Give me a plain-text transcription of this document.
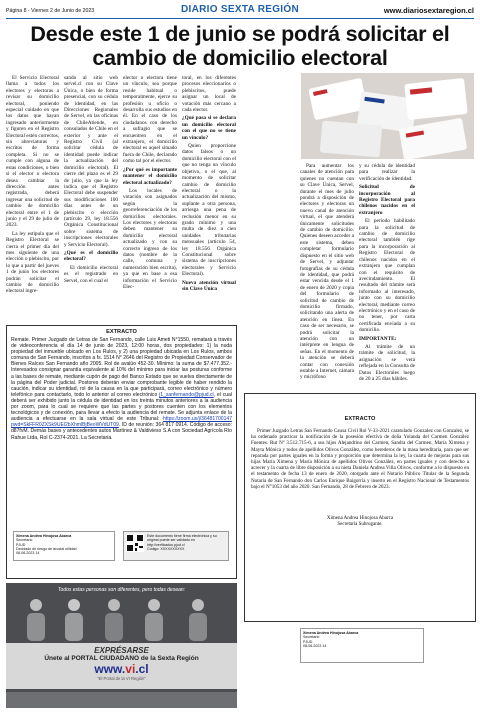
Página 8 - Viernes 2 de Junio de 2023	DIARIO SEXTA REGIÓN	www.diariosextaregion.cl
Desde este 1 de junio se podrá solicitar el cambio de domicilio electoral

El Servicio Electoral llama a todos los electores y electoras a revisar su domicilio electoral, poniendo especial cuidado en que los datos que hayan ingresado anteriormente y figuren en el Registro Electoral estén correctos, sin abreviaturas y escritos de forma completa. Si no se cumple con alguna de estas condiciones, o bien si el elector o electora desea cambiar la dirección antes registrada, deberá ingresar una solicitud de cambio de domicilio electoral entre el 1 de junio y el 29 de julio de 2023.

La ley estipula que el Registro Electoral se cierra el primer día del mes siguiente de una elección o plebiscito, por lo que a partir del jueves 1 de junio los electores podrán solicitar el cambio de domicilio electoral ingre-

sando al sitio web servel.cl con su Clave Única, o bien de forma presencial, con su cédula de identidad, en las Direcciones Regionales de Servel, en las oficinas de ChileAtiende, en consulados de Chile en el exterior y ante el Registro Civil (al solicitar cédula de identidad puede indicar la actualización del domicilio electoral). El cierre del plazo es el 29 de julio, ya que la ley indica que el Registro Electoral debe suspender sus modificaciones 100 días antes de un plebiscito o elección (artículo 29, ley 18.556 Orgánica Constitucional sobre sistema de inscripciones electorales y Servicio Electoral).

¿Qué es el domicilio electoral?

El domicilio electoral es el registrado en Servel, con el cual el

elector o electora tiene un vínculo, sea porque reside habitual o temporalmente, ejerce su profesión u oficio o desarrolla sus estudios en él. En el caso de los ciudadanos con derecho a sufragio que se encuentren en el extranjero, el domicilio electoral es aquel situado fuera de Chile, declarado como tal por el elector.

¿Por qué es importante mantener el domicilio electoral actualizado?

Los locales de votación son asignados según la georreferenciación de los domicilios electorales. Los electores y electoras deben mantener su domicilio electoral actualizado y con su correcto ingreso de los datos (nombre de la calle, comuna y numeración bien escrita), ya que en base a esa información el Servicio Elec-

toral, en los diferentes procesos eleccionarios o plebiscitos, puede asignar un local de votación más cercano a cada elector.

¿Qué pasa si se declara un domicilio electoral con el que no se tiene un vínculo?

Quien proporcione datos falsos o un domicilio electoral con el que no tenga un vínculo objetivo, o el que, al momento de solicitar cambio de domicilio electoral o la actualización del mismo, suplante a otra persona, arriesga una pena de reclusión menor en su grado mínimo y una multa de diez a cien unidades tributarias mensuales (artículo 54, ley 18.556 Orgánica Constitucional sobre sistema de inscripciones electorales y Servicio Electoral).

Nueva atención virtual sin Clave Única

Para aumentar los canales de atención para quienes no cuentan con su Clave Única, Servel, durante el mes de julio pondrá a disposición de electores y electoras un nuevo canal de atención virtual, el que atenderá únicamente solicitudes de cambio de domicilio. Quienes deseen acceder a este sistema, deben completar formulario dispuesto en el sitio web de Servel, y adjuntar fotografías de su cédula de identidad, que podrá estar vencida desde el 1 de enero de 2020 y copia del formulario de solicitud de cambio de domicilio firmado, solicitando una alerta de atención en línea. En caso de ser necesario, se podrá solicitar la atención con un intérprete en lengua de señas. En el momento de la atención se deberá contar con conexión estable a Internet, cámara y micrófono

y su cédula de identidad para realizar la verificación de identidad.

Solicitud de incorporación al Registro Electoral para chilenos nacidos en el extranjero

El período habilitado para la solicitud de cambio de domicilio electoral también rige para la incorporación al Registro Electoral de chilenos nacidos en el extranjero que cumplan con el requisito de avecindamiento. El resultado del trámite será informado al interesado, junto con su domicilio electoral, mediante correo electrónico y en el caso de no tener, por carta certificada enviada a su domicilio.

IMPORTANTE:

Al trámite de un trámite de solicitud, la asignación se verá reflejada en la Consulta de Datos Electorales luego de 20 a 25 días hábiles.

EXTRACTO
Remate. Primer Juzgado de Letras de San Fernando, calle Luis Ameti N°1550, rematará a través de videoconferencia el día 14 de junio de 2023, 12:00 horas, dos propiedades: 1) la nuda propiedad del inmueble ubicado en Los Rulos, y 2) una propiedad ubicada en Los Rulos, ambos comuna de San Fernando, inscritos a fs. 1514 N° 2646 del Registro de Propiedad Conservador de Bienes Raíces San Fernando año 2005. Rol de avalúo 452-30. Mínimo: la suma de $7.477.352.- Interesados consignar garantía equivalente al 10% del mínimo para iniciar las posturas conforme a las bases de remate, mediante cupón de pago del Banco Estado que se vuelva directamente de la página del Poder judicial. Postores deberán enviar comprobante legible de haber rendido la caución, indicar su identidad, rol de la causa en la que participará, correo electrónico y número telefónico para contactarlo, todo lo anterior al correo electrónico j1_sanfernando@pjud.cl, el cual deberá ser exhibido junto la cédula de identidad en los treinta minutos anteriores a la audiencia por zoom, para lo cual se requiere que las partes y postores cuenten con los elementos tecnológicos y de conexión, para llevar a efecto la audiencia del remate. Se adjunta enlace de la audiencia a efectuarse en la sala virtual de este Tribunal: https://zoom.us/j/36481700147 pwd=SkFFR0ZXSk9UEl2bXhmlBjBeoWVdUT09. ID de reunión: 364 817 0914. Código de acceso: d87fvM. Demás bases y antecedentes autos Martínez & Valdivieso S.A con Sociedad Agrícola Río Rahue Ltda, Rol C-2374-2021. La Secretaria.
Ximena Andrea Hinojosa Abarca
Secretario
PJUD
Decidado de riesgo de acucial utilidad
08-06-2023 14
Este documento tiene firma electrónica y su original puede ser validado en http://verificadoc.pjud.cl
Código: XXXXXXXXXX
EXTRACTO
Primer Juzgado Letras San Fernando Causa Civil Rol V-33-2021 caratulado Gonzalez con Gonzalez, se ha ordenado practicar la notificación de la posesión efectiva de doña Yolanda del Carmen González Fuentes. Rut Nº 3.512.715-6, a sus hijos Alejandrino del Carmen, Sandra del Carmen, María Ximena y Mayta Mónica y todos de apellidos Olivos González, como herederos de la masa hereditaria, para que ser reparada por partes iguales en la forma y proporción que determina la ley, la cuarta de mejoras para sus hijas María Ximena y María Mónica de apellidos Olivos González, en partes iguales y con derecho a acrecer y la cuarta de libre disposición a su nieta Daniela Andrea Villa Olivos, conforme a lo dispuesto en el testamento de fecha 13 de enero de 2020, otorgado ante el Notario Público Titular de la Segunda Notaría de San Fernando don Carlos Enrique Baigorría y inserto en el Registro Nacional de Testamentos bajo el N°1053 del año 2020. San Fernando, 28 de Febrero de 2023.
Ximena Andrea Hinojosa Abarca
Secretaria Subrogante.
Ximena Andrea Hinojosa Abarca
Secretario
PJUD
08-06-2023 14
Todos estas personas son diferentes, pero todas desean:
EXPRÉSARSE
Únete al PORTAL CIUDADANO de la Sexta Región
www.vi.cl
"El Portal de la VI Región"
